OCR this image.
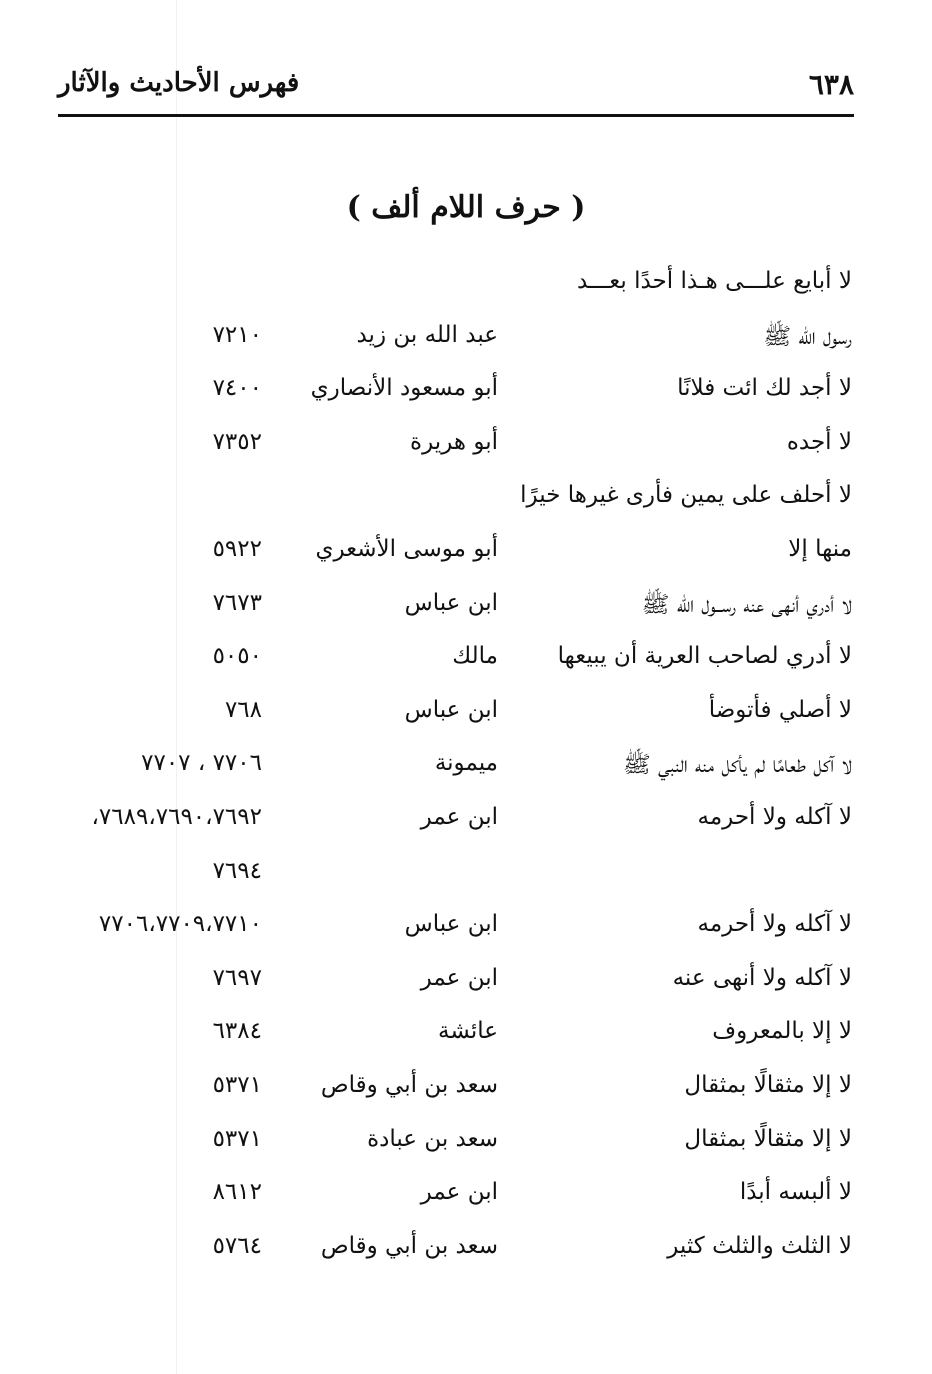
٦٣٨
فهرس الأحاديث والآثار
( حرف اللام ألف )
لا أبايع علـــى هـذا أحدًا بعـــد
رسول الله ﷺ
عبد الله بن زيد
٧٢١٠
لا أجد لك ائت فلانًا
أبو مسعود الأنصاري
٧٤٠٠
لا أجده
أبو هريرة
٧٣٥٢
لا أحلف على يمين فأرى غيرها خيرًا
منها إلا
أبو موسى الأشعري
٥٩٢٢
لا أدري أنهى عنه رســول الله ﷺ
ابن عباس
٧٦٧٣
لا أدري لصاحب العرية أن يبيعها
مالك
٥٠٥٠
لا أصلي فأتوضأ
ابن عباس
٧٦٨
لا آكل طعامًا لم يأكل منه النبي ﷺ
ميمونة
٧٧٠٦ ، ٧٧٠٧
لا آكله ولا أحرمه
ابن عمر
٧٦٨٩،٧٦٩٠،٧٦٩٢،
٧٦٩٤
لا آكله ولا أحرمه
ابن عباس
٧٧٠٦،٧٧٠٩،٧٧١٠
لا آكله ولا أنهى عنه
ابن عمر
٧٦٩٧
لا إلا بالمعروف
عائشة
٦٣٨٤
لا إلا مثقالًا بمثقال
سعد بن أبي وقاص
٥٣٧١
لا إلا مثقالًا بمثقال
سعد بن عبادة
٥٣٧١
لا ألبسه أبدًا
ابن عمر
٨٦١٢
لا الثلث والثلث كثير
سعد بن أبي وقاص
٥٧٦٤
